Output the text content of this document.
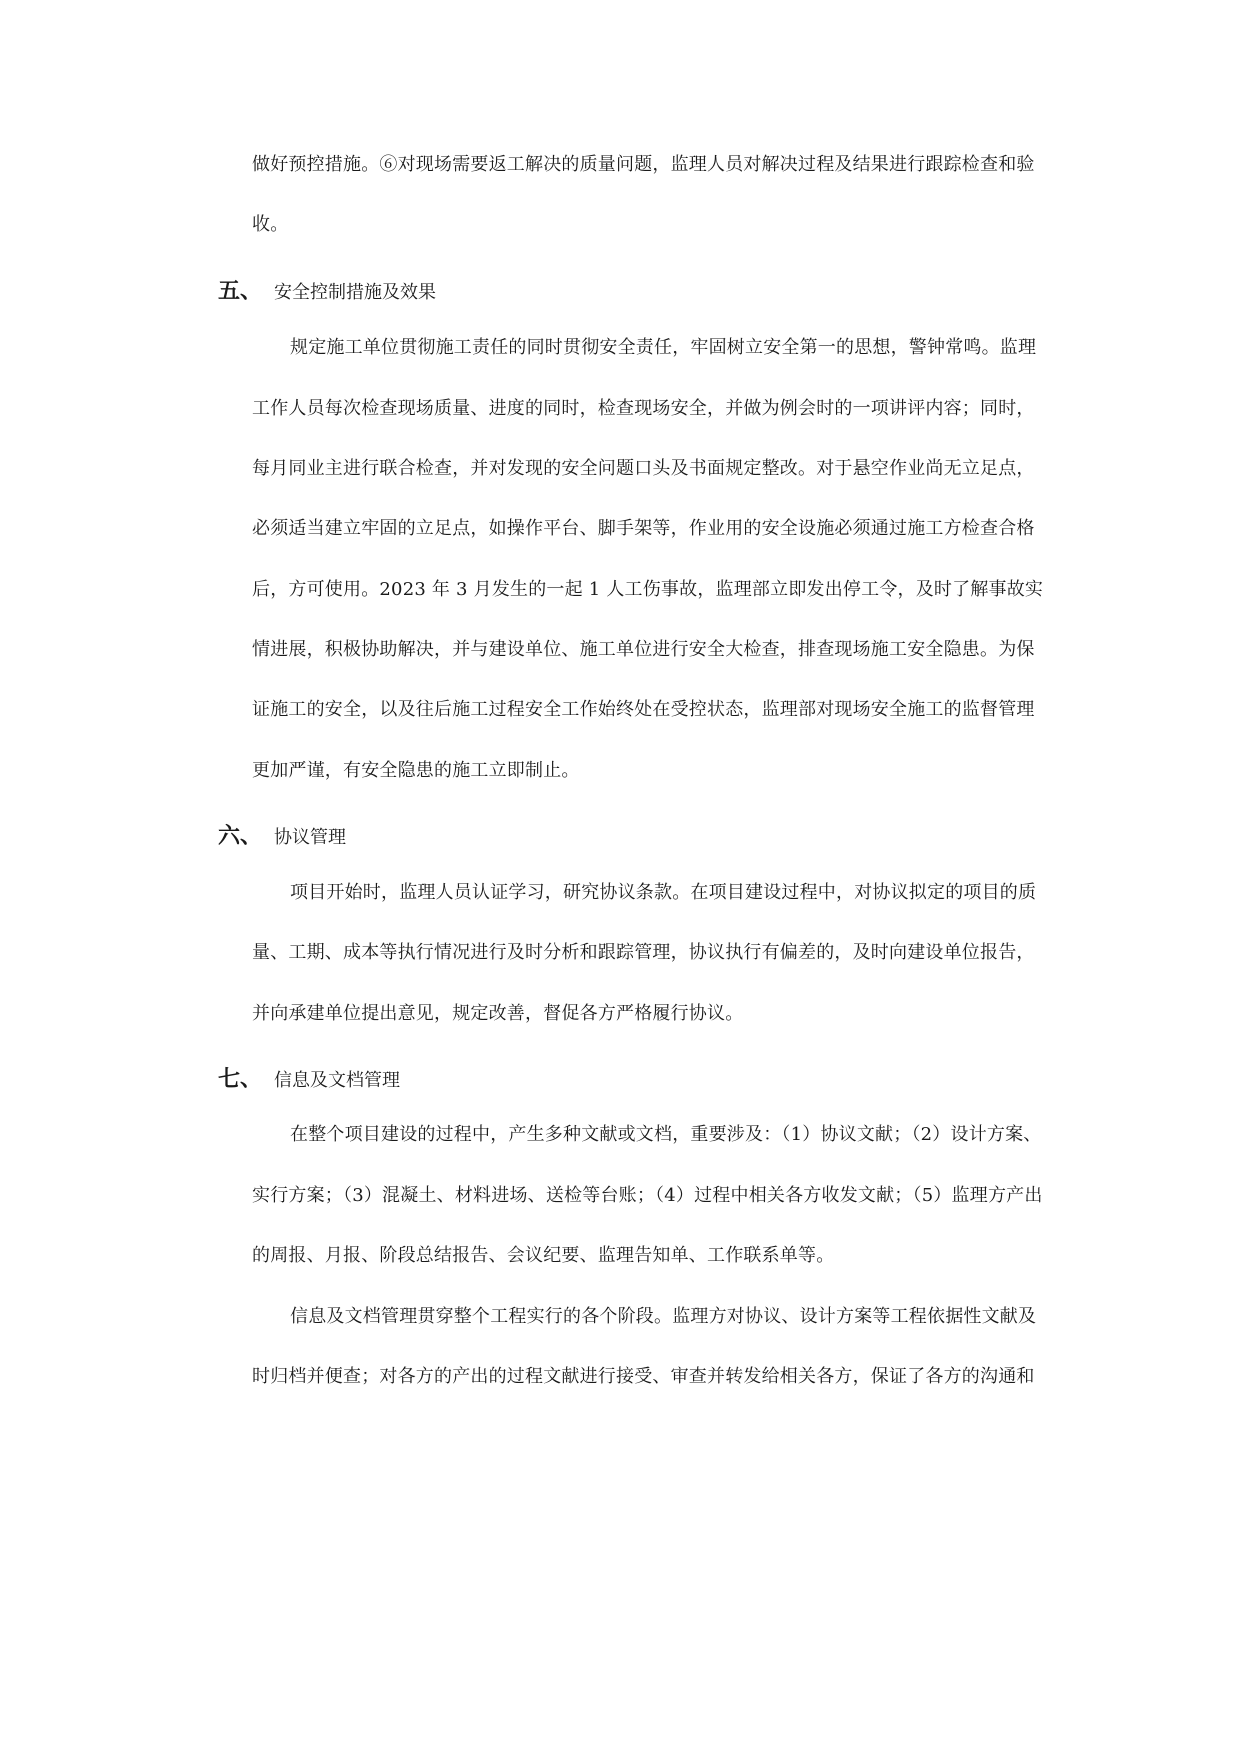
做好预控措施。⑥对现场需要返工解决的质量问题，监理人员对解决过程及结果进行跟踪检查和验
收。
五、 安全控制措施及效果
规定施工单位贯彻施工责任的同时贯彻安全责任，牢固树立安全第一的思想，警钟常鸣。监理
工作人员每次检查现场质量、进度的同时，检查现场安全，并做为例会时的一项讲评内容；同时，
每月同业主进行联合检查，并对发现的安全问题口头及书面规定整改。对于悬空作业尚无立足点，
必须适当建立牢固的立足点，如操作平台、脚手架等，作业用的安全设施必须通过施工方检查合格
后，方可使用。2023 年 3 月发生的一起 1 人工伤事故，监理部立即发出停工令，及时了解事故实
情进展，积极协助解决，并与建设单位、施工单位进行安全大检查，排查现场施工安全隐患。为保
证施工的安全，以及往后施工过程安全工作始终处在受控状态，监理部对现场安全施工的监督管理
更加严谨，有安全隐患的施工立即制止。
六、 协议管理
项目开始时，监理人员认证学习，研究协议条款。在项目建设过程中，对协议拟定的项目的质
量、工期、成本等执行情况进行及时分析和跟踪管理，协议执行有偏差的，及时向建设单位报告，
并向承建单位提出意见，规定改善，督促各方严格履行协议。
七、 信息及文档管理
在整个项目建设的过程中，产生多种文献或文档，重要涉及：（1）协议文献；（2）设计方案、
实行方案；（3）混凝土、材料进场、送检等台账；（4）过程中相关各方收发文献；（5）监理方产出
的周报、月报、阶段总结报告、会议纪要、监理告知单、工作联系单等。
信息及文档管理贯穿整个工程实行的各个阶段。监理方对协议、设计方案等工程依据性文献及
时归档并便查；对各方的产出的过程文献进行接受、审查并转发给相关各方，保证了各方的沟通和
